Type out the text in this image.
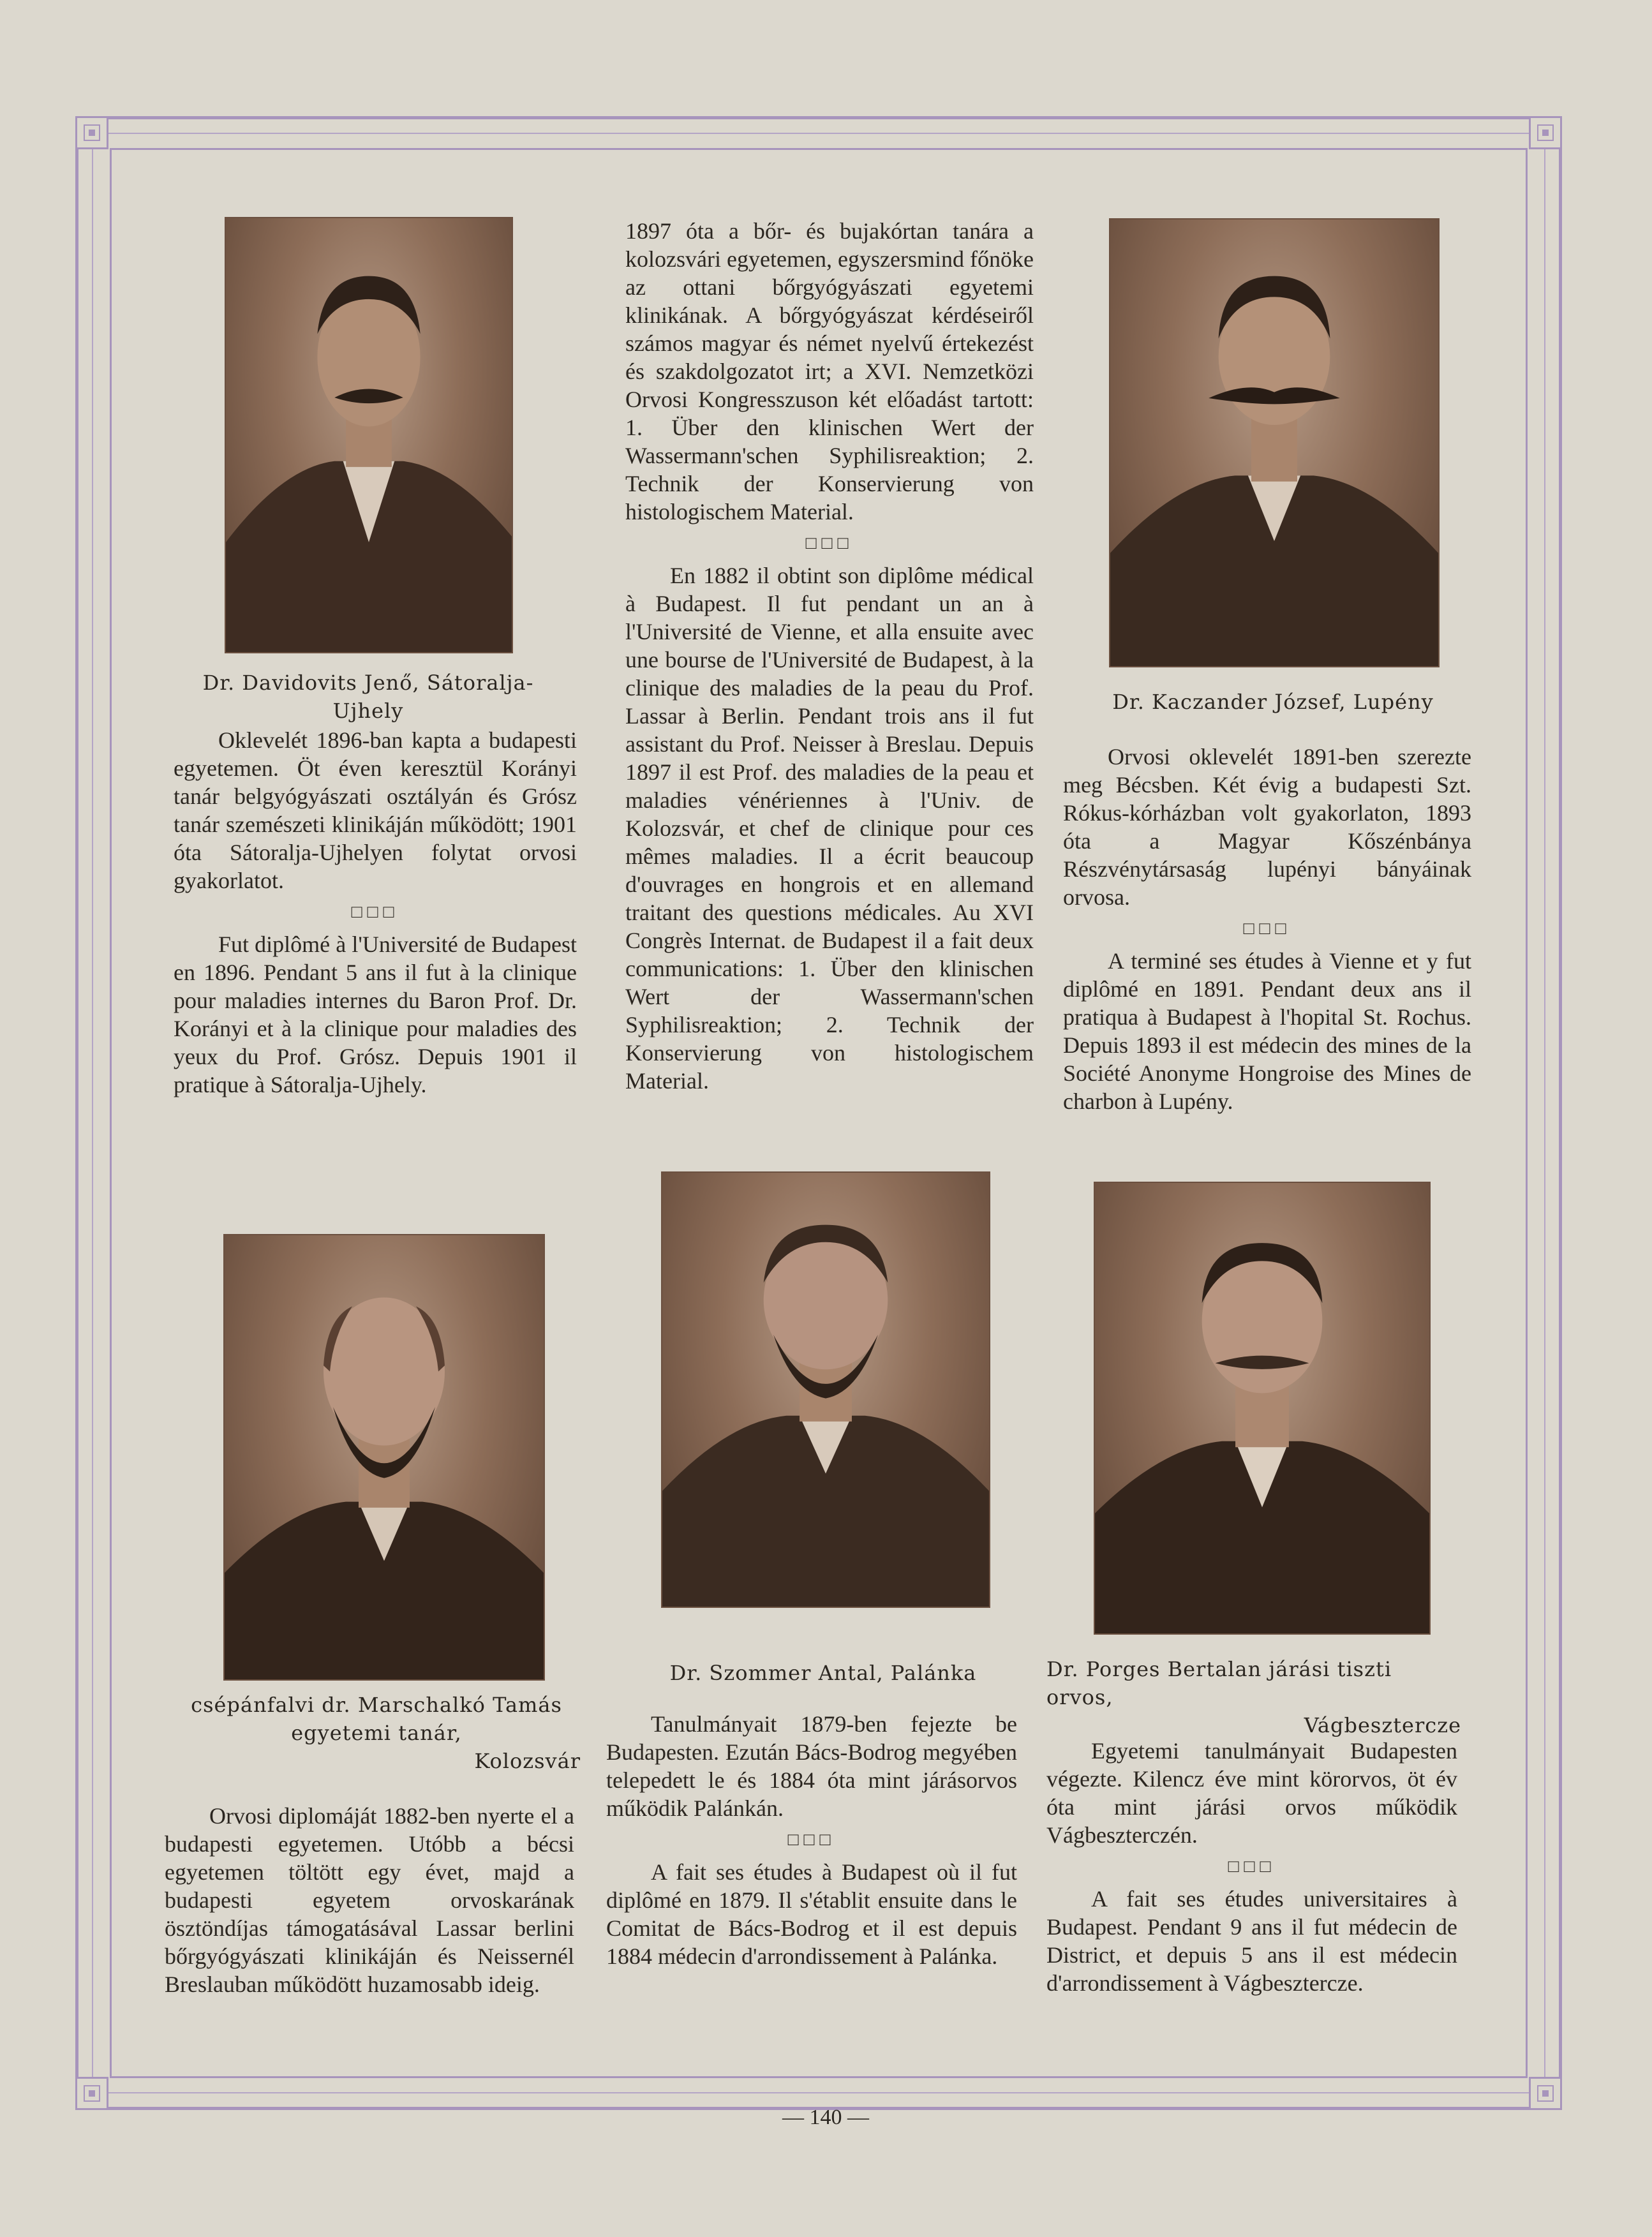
Dr. Davidovits Jenő, Sátoralja-Ujhely

Oklevelét 1896-ban kapta a budapesti egyetemen. Öt éven keresztül Korányi tanár belgyógyászati osztályán és Grósz tanár szemészeti klinikáján működött; 1901 óta Sátoralja-Ujhelyen folytat orvosi gyakorlatot.

□□□

Fut diplômé à l'Université de Budapest en 1896. Pendant 5 ans il fut à la clinique pour maladies internes du Baron Prof. Dr. Korányi et à la clinique pour maladies des yeux du Prof. Grósz. Depuis 1901 il pratique à Sátoralja-Ujhely.

1897 óta a bőr- és bujakórtan tanára a kolozsvári egyetemen, egyszersmind főnöke az ottani bőrgyógyászati egyetemi klinikának. A bőrgyógyászat kérdéseiről számos magyar és német nyelvű értekezést és szakdolgozatot irt; a XVI. Nemzetközi Orvosi Kongresszuson két előadást tartott: 1. Über den klinischen Wert der Wassermann'schen Syphilisreaktion; 2. Technik der Konservierung von histologischem Material.

□□□

En 1882 il obtint son diplôme médical à Budapest. Il fut pendant un an à l'Université de Vienne, et alla ensuite avec une bourse de l'Université de Budapest, à la clinique des maladies de la peau du Prof. Lassar à Berlin. Pendant trois ans il fut assistant du Prof. Neisser à Breslau. Depuis 1897 il est Prof. des maladies de la peau et maladies vénériennes à l'Univ. de Kolozsvár, et chef de clinique pour ces mêmes maladies. Il a écrit beaucoup d'ouvrages en hongrois et en allemand traitant des questions médicales. Au XVI Congrès Internat. de Budapest il a fait deux communications: 1. Über den klinischen Wert der Wassermann'schen Syphilisreaktion; 2. Technik der Konservierung von histologischem Material.

Dr. Kaczander József, Lupény

Orvosi oklevelét 1891-ben szerezte meg Bécsben. Két évig a budapesti Szt. Rókus-kórházban volt gyakorlaton, 1893 óta a Magyar Kőszénbánya Részvénytársaság lupényi bányáinak orvosa.

□□□

A terminé ses études à Vienne et y fut diplômé en 1891. Pendant deux ans il pratiqua à Budapest à l'hopital St. Rochus. Depuis 1893 il est médecin des mines de la Société Anonyme Hongroise des Mines de charbon à Lupény.

csépánfalvi dr. Marschalkó Tamás
egyetemi tanár,
Kolozsvár

Orvosi diplomáját 1882-ben nyerte el a budapesti egyetemen. Utóbb a bécsi egyetemen töltött egy évet, majd a budapesti egyetem orvoskarának ösztöndíjas támogatásával Lassar berlini bőrgyógyászati klinikáján és Neissernél Breslauban működött huzamosabb ideig.

Dr. Szommer Antal, Palánka

Tanulmányait 1879-ben fejezte be Budapesten. Ezután Bács-Bodrog megyében telepedett le és 1884 óta mint járásorvos működik Palánkán.

□□□

A fait ses études à Budapest où il fut diplômé en 1879. Il s'établit ensuite dans le Comitat de Bács-Bodrog et il est depuis 1884 médecin d'arrondissement à Palánka.

Dr. Porges Bertalan járási tiszti orvos,
Vágbesztercze

Egyetemi tanulmányait Budapesten végezte. Kilencz éve mint körorvos, öt év óta mint járási orvos működik Vágbeszterczén.

□□□

A fait ses études universitaires à Budapest. Pendant 9 ans il fut médecin de District, et depuis 5 ans il est médecin d'arrondissement à Vágbesztercze.

— 140 —
